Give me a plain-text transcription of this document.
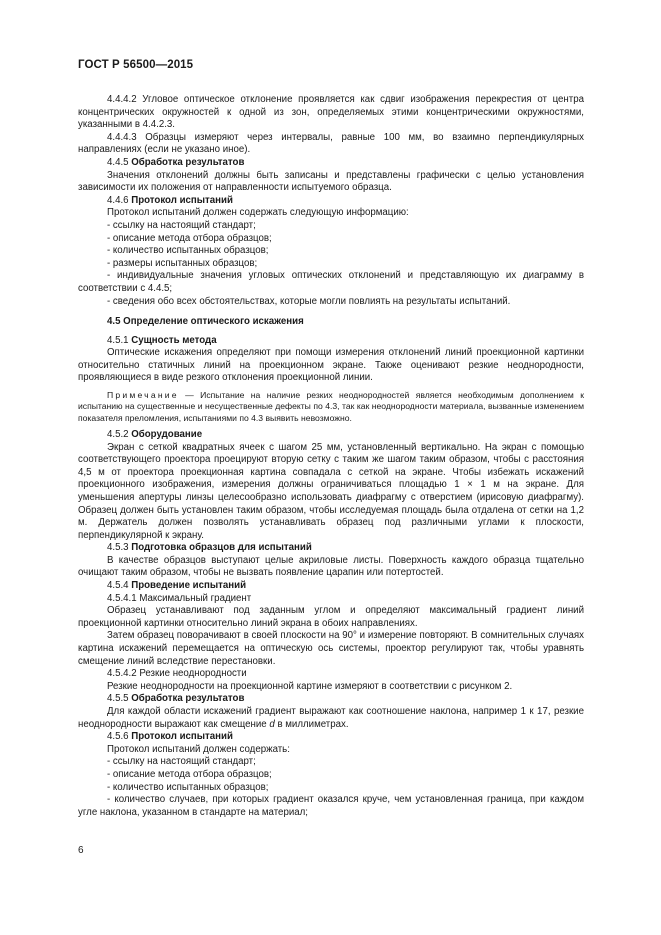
ГОСТ Р 56500—2015

4.4.4.2 Угловое оптическое отклонение проявляется как сдвиг изображения перекрестия от центра концентрических окружностей к одной из зон, определяемых этими концентрическими окружностями, указанными в 4.4.2.3.

4.4.4.3 Образцы измеряют через интервалы, равные 100 мм, во взаимно перпендикулярных направлениях (если не указано иное).

4.4.5 Обработка результатов

Значения отклонений должны быть записаны и представлены графически с целью установления зависимости их положения от направленности испытуемого образца.

4.4.6 Протокол испытаний

Протокол испытаний должен содержать следующую информацию:

- ссылку на настоящий стандарт;

- описание метода отбора образцов;

- количество испытанных образцов;

- размеры испытанных образцов;

- индивидуальные значения угловых оптических отклонений и представляющую их диаграмму в соответствии с 4.4.5;

- сведения обо всех обстоятельствах, которые могли повлиять на результаты испытаний.

4.5 Определение оптического искажения

4.5.1 Сущность метода

Оптические искажения определяют при помощи измерения отклонений линий проекционной картинки относительно статичных линий на проекционном экране. Также оценивают резкие неоднородности, проявляющиеся в виде резкого отклонения проекционной линии.

Примечание — Испытание на наличие резких неоднородностей является необходимым дополнением к испытанию на существенные и несущественные дефекты по 4.3, так как неоднородности материала, вызванные изменением показателя преломления, испытаниями по 4.3 выявить невозможно.

4.5.2 Оборудование

Экран с сеткой квадратных ячеек с шагом 25 мм, установленный вертикально. На экран с помощью соответствующего проектора проецируют вторую сетку с таким же шагом таким образом, чтобы с расстояния 4,5 м от проектора проекционная картина совпадала с сеткой на экране. Чтобы избежать искажений проекционного изображения, измерения должны ограничиваться площадью 1 × 1 м на экране. Для уменьшения апертуры линзы целесообразно использовать диафрагму с отверстием (ирисовую диафрагму). Образец должен быть установлен таким образом, чтобы исследуемая площадь была отдалена от сетки на 1,2 м. Держатель должен позволять устанавливать образец под различными углами к плоскости, перпендикулярной к экрану.

4.5.3 Подготовка образцов для испытаний

В качестве образцов выступают целые акриловые листы. Поверхность каждого образца тщательно очищают таким образом, чтобы не вызвать появление царапин или потертостей.

4.5.4 Проведение испытаний

4.5.4.1 Максимальный градиент

Образец устанавливают под заданным углом и определяют максимальный градиент линий проекционной картинки относительно линий экрана в обоих направлениях.

Затем образец поворачивают в своей плоскости на 90° и измерение повторяют. В сомнительных случаях картина искажений перемещается на оптическую ось системы, проектор регулируют так, чтобы уравнять смещение линий вследствие перестановки.

4.5.4.2 Резкие неоднородности

Резкие неоднородности на проекционной картине измеряют в соответствии с рисунком 2.

4.5.5 Обработка результатов

Для каждой области искажений градиент выражают как соотношение наклона, например 1 к 17, резкие неоднородности выражают как смещение d в миллиметрах.

4.5.6 Протокол испытаний

Протокол испытаний должен содержать:

- ссылку на настоящий стандарт;

- описание метода отбора образцов;

- количество испытанных образцов;

- количество случаев, при которых градиент оказался круче, чем установленная граница, при каждом угле наклона, указанном в стандарте на материал;

6
